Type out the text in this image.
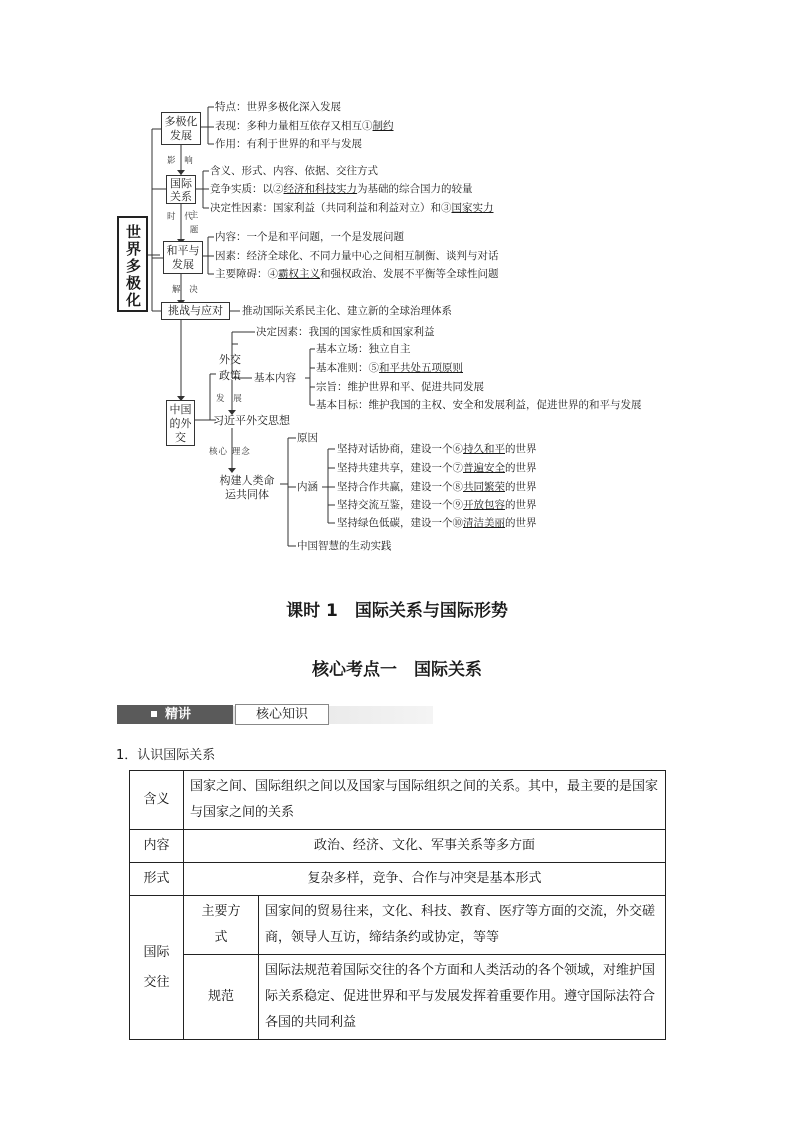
世界多极化
多极化发展
国际关系
和平与发展
挑战与应对
中国的外交
影 响
时 代
主 题
解 决
特点：世界多极化深入发展
表现：多种力量相互依存又相互①制约
作用：有利于世界的和平与发展
含义、形式、内容、依据、交往方式
竞争实质：以②经济和科技实力为基础的综合国力的较量
决定性因素：国家利益（共同利益和利益对立）和③国家实力
内容：一个是和平问题，一个是发展问题
因素：经济全球化、不同力量中心之间相互制衡、谈判与对话
主要障碍：④霸权主义和强权政治、发展不平衡等全球性问题
推动国际关系民主化、建立新的全球治理体系
外交政策
决定因素：我国的国家性质和国家利益
基本内容
基本立场：独立自主
基本准则：⑤和平共处五项原则
宗旨：维护世界和平、促进共同发展
基本目标：维护我国的主权、安全和发展利益，促进世界的和平与发展
发 展
习近平外交思想
核心 理念
构建人类命运共同体
原因
内涵
坚持对话协商，建设一个⑥持久和平的世界
坚持共建共享，建设一个⑦普遍安全的世界
坚持合作共赢，建设一个⑧共同繁荣的世界
坚持交流互鉴，建设一个⑨开放包容的世界
坚持绿色低碳，建设一个⑩清洁美丽的世界
中国智慧的生动实践
课时 1　国际关系与国际形势
核心考点一　国际关系
精讲	核心知识
1．认识国际关系
含义	国家之间、国际组织之间以及国家与国际组织之间的关系。其中，最主要的是国家与国家之间的关系	
内容	政治、经济、文化、军事关系等多方面	
形式	复杂多样，竞争、合作与冲突是基本形式	
国际交往	主要方式	国家间的贸易往来，文化、科技、教育、医疗等方面的交流，外交磋商，领导人互访，缔结条约或协定，等等
	规范	国际法规范着国际交往的各个方面和人类活动的各个领域，对维护国际关系稳定、促进世界和平与发展发挥着重要作用。遵守国际法符合各国的共同利益
